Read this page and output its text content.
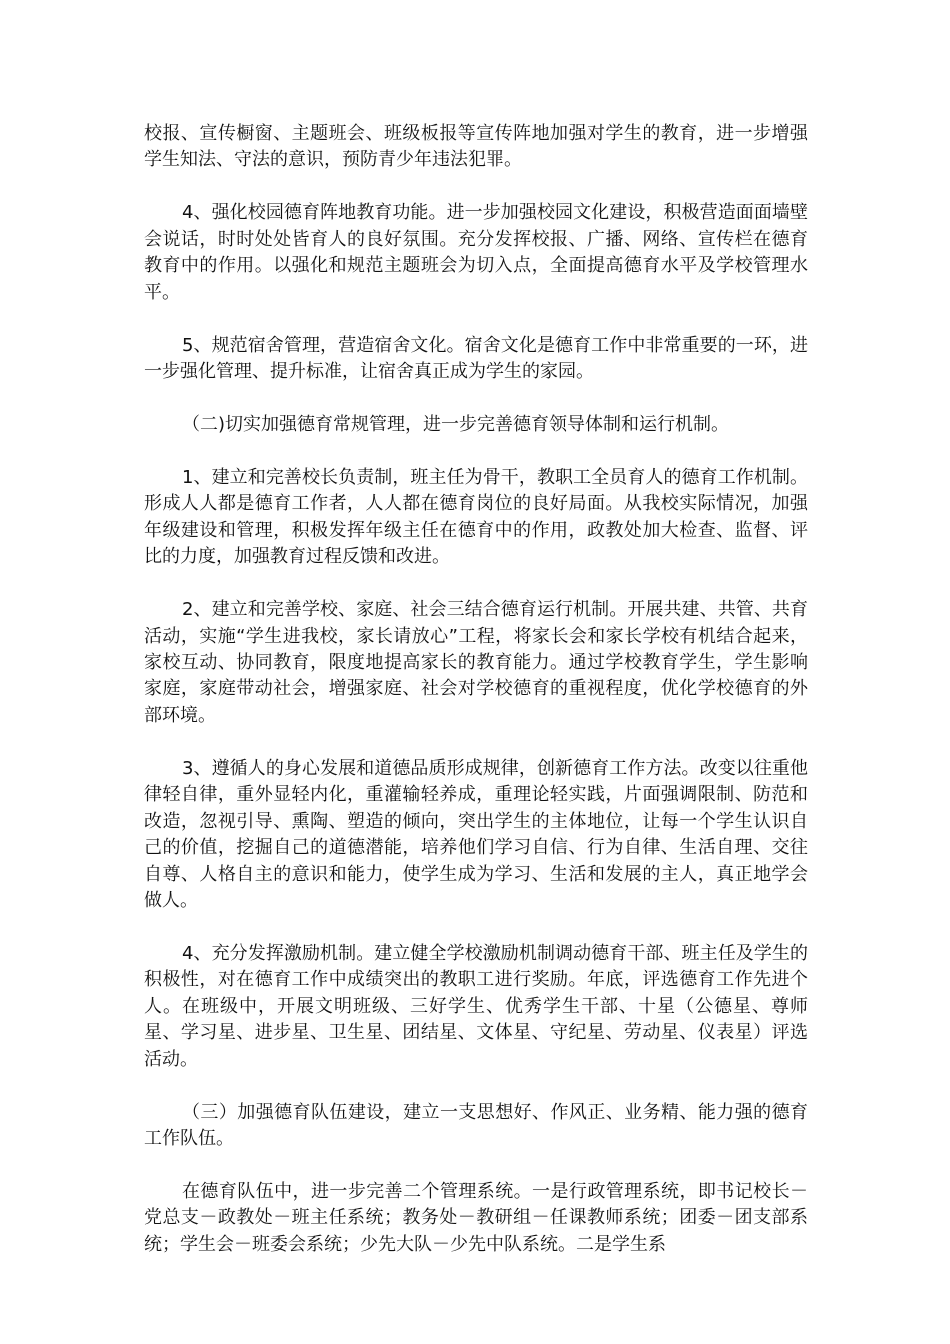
校报、宣传橱窗、主题班会、班级板报等宣传阵地加强对学生的教育，进一步增强学生知法、守法的意识，预防青少年违法犯罪。

4、强化校园德育阵地教育功能。进一步加强校园文化建设，积极营造面面墙壁会说话，时时处处皆育人的良好氛围。充分发挥校报、广播、网络、宣传栏在德育教育中的作用。以强化和规范主题班会为切入点，全面提高德育水平及学校管理水平。

5、规范宿舍管理，营造宿舍文化。宿舍文化是德育工作中非常重要的一环，进一步强化管理、提升标准，让宿舍真正成为学生的家园。

（二)切实加强德育常规管理，进一步完善德育领导体制和运行机制。

1、建立和完善校长负责制，班主任为骨干，教职工全员育人的德育工作机制。形成人人都是德育工作者，人人都在德育岗位的良好局面。从我校实际情况，加强年级建设和管理，积极发挥年级主任在德育中的作用，政教处加大检查、监督、评比的力度，加强教育过程反馈和改进。

2、建立和完善学校、家庭、社会三结合德育运行机制。开展共建、共管、共育活动，实施“学生进我校，家长请放心”工程，将家长会和家长学校有机结合起来，家校互动、协同教育，限度地提高家长的教育能力。通过学校教育学生，学生影响家庭，家庭带动社会，增强家庭、社会对学校德育的重视程度，优化学校德育的外部环境。

3、遵循人的身心发展和道德品质形成规律，创新德育工作方法。改变以往重他律轻自律，重外显轻内化，重灌输轻养成，重理论轻实践，片面强调限制、防范和改造，忽视引导、熏陶、塑造的倾向，突出学生的主体地位，让每一个学生认识自己的价值，挖掘自己的道德潜能，培养他们学习自信、行为自律、生活自理、交往自尊、人格自主的意识和能力，使学生成为学习、生活和发展的主人，真正地学会做人。

4、充分发挥激励机制。建立健全学校激励机制调动德育干部、班主任及学生的积极性，对在德育工作中成绩突出的教职工进行奖励。年底，评选德育工作先进个人。在班级中，开展文明班级、三好学生、优秀学生干部、十星（公德星、尊师星、学习星、进步星、卫生星、团结星、文体星、守纪星、劳动星、仪表星）评选活动。

（三）加强德育队伍建设，建立一支思想好、作风正、业务精、能力强的德育工作队伍。

在德育队伍中，进一步完善二个管理系统。一是行政管理系统，即书记校长－党总支－政教处－班主任系统；教务处－教研组－任课教师系统；团委－团支部系统；学生会－班委会系统；少先大队－少先中队系统。二是学生系
